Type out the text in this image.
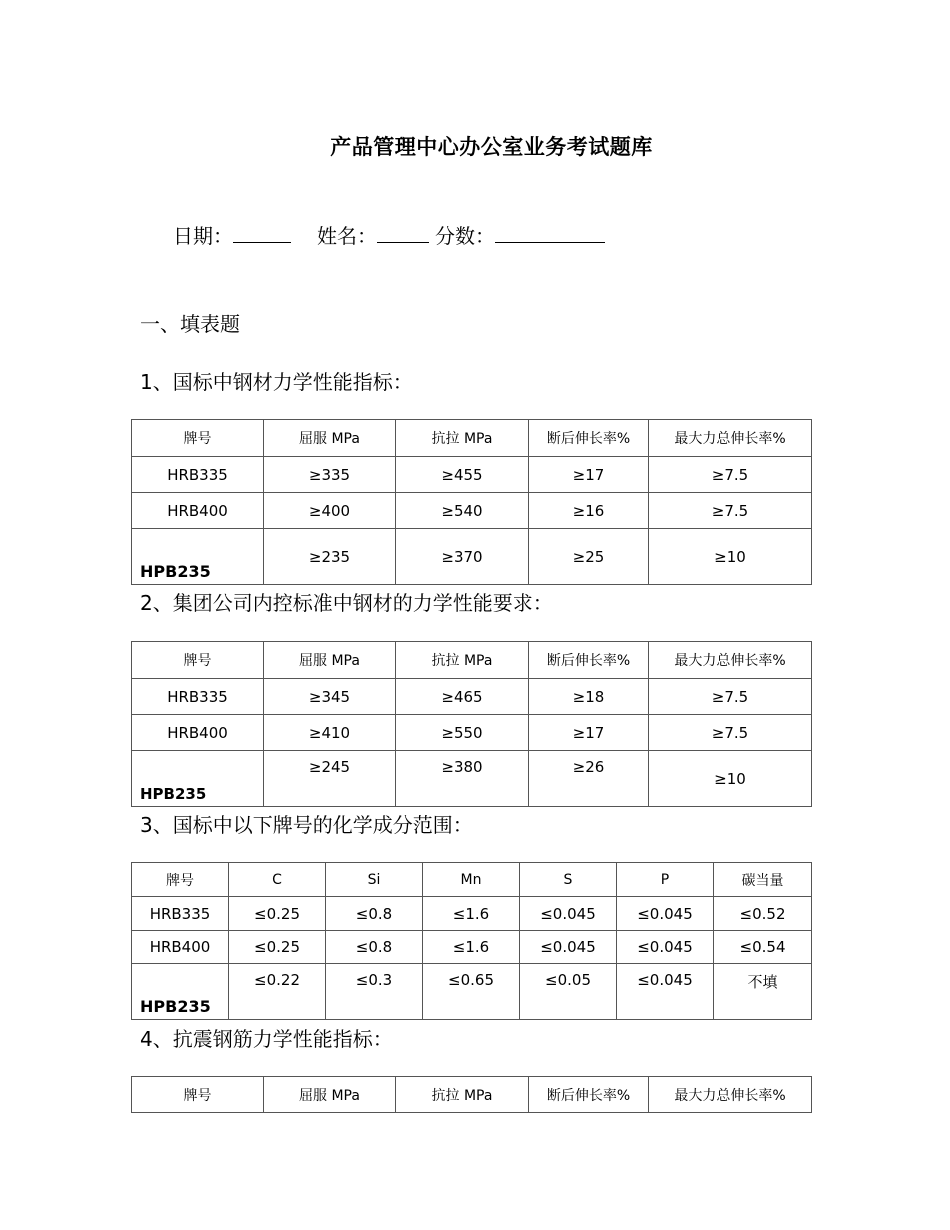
产品管理中心办公室业务考试题库
日期：	姓名：	分数：
一、填表题
1、国标中钢材力学性能指标：
牌号	屈服 MPa	抗拉 MPa	断后伸长率%	最大力总伸长率%
HRB335	≥335	≥455	≥17	≥7.5
HRB400	≥400	≥540	≥16	≥7.5
HPB235	≥235	≥370	≥25	≥10
2、集团公司内控标准中钢材的力学性能要求：
牌号	屈服 MPa	抗拉 MPa	断后伸长率%	最大力总伸长率%
HRB335	≥345	≥465	≥18	≥7.5
HRB400	≥410	≥550	≥17	≥7.5
HPB235	≥245	≥380	≥26	≥10
3、国标中以下牌号的化学成分范围：
牌号	C	Si	Mn	S	P	碳当量
HRB335	≤0.25	≤0.8	≤1.6	≤0.045	≤0.045	≤0.52
HRB400	≤0.25	≤0.8	≤1.6	≤0.045	≤0.045	≤0.54
HPB235	≤0.22	≤0.3	≤0.65	≤0.05	≤0.045	不填
4、抗震钢筋力学性能指标：
牌号	屈服 MPa	抗拉 MPa	断后伸长率%	最大力总伸长率%
